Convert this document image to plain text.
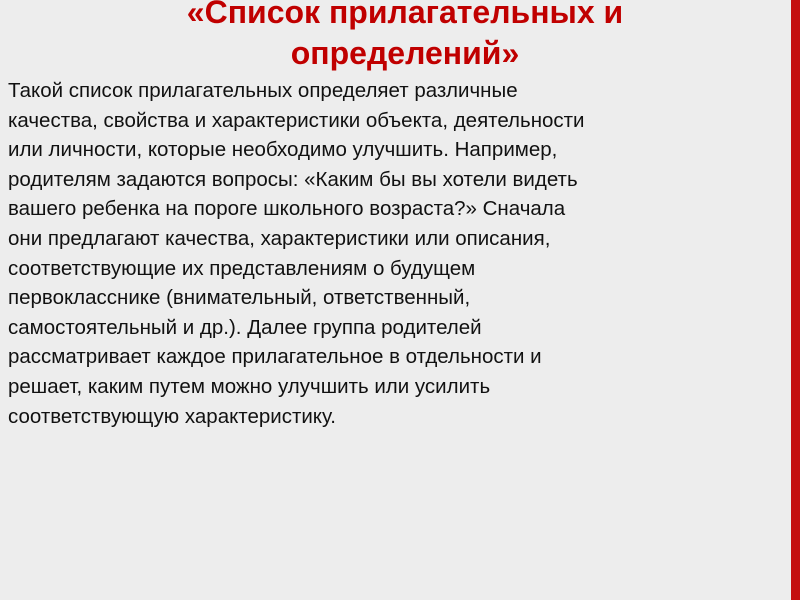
«Список прилагательных и
определений»

Такой список прилагательных определяет различные
качества, свойства и характеристики объекта, деятельности
или личности, которые необходимо улучшить. Например,
родителям задаются вопросы: «Каким бы вы хотели видеть
вашего ребенка на пороге школьного возраста?» Сначала
они предлагают качества, характеристики или описания,
соответствующие их представлениям о будущем
первокласснике (внимательный, ответственный,
самостоятельный и др.). Далее группа родителей
рассматривает каждое прилагательное в отдельности и
решает, каким путем можно улучшить или усилить
соответствующую характеристику.
